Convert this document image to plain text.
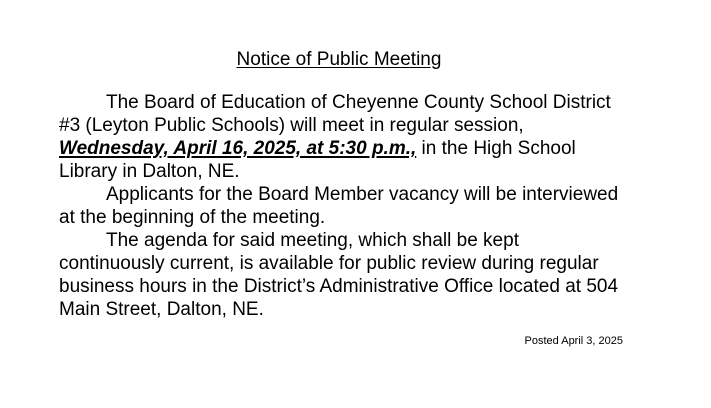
Notice of Public Meeting

The Board of Education of Cheyenne County School District #3 (Leyton Public Schools) will meet in regular session, Wednesday, April 16, 2025, at 5:30 p.m., in the High School Library in Dalton, NE.

Applicants for the Board Member vacancy will be interviewed at the beginning of the meeting.

The agenda for said meeting, which shall be kept continuously current, is available for public review during regular business hours in the District’s Administrative Office located at 504 Main Street, Dalton, NE.

Posted April 3, 2025
